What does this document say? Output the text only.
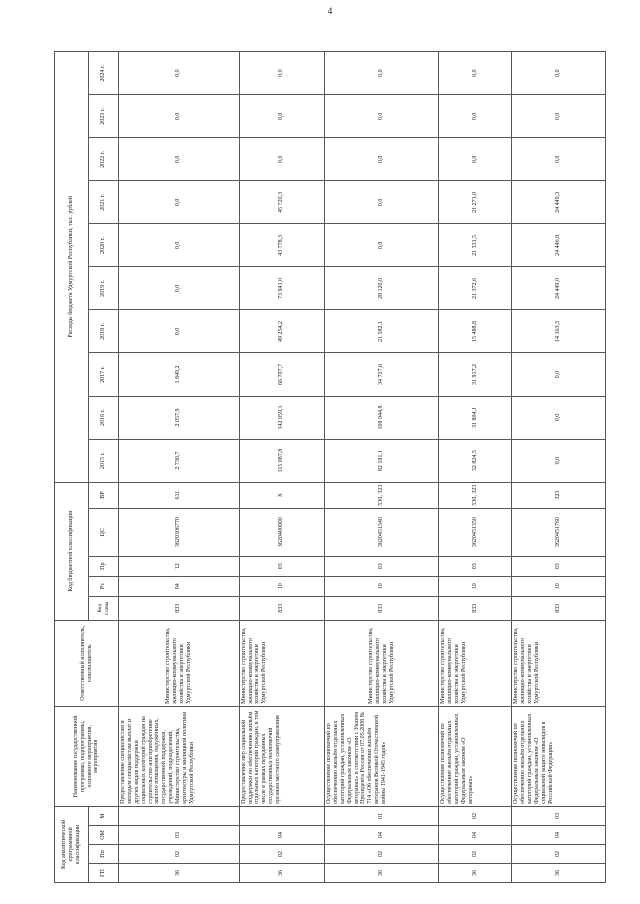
4
Код аналитической программной классификации				Наименование государственной программы, подпрограммы, основного мероприятия, мероприятия	Ответственный исполнитель, соисполнитель	Код бюджетной классификации					Расходы бюджета Удмуртской Республики, тыс. рублей									
ГП	Пп	ОМ	М			Код главы	Рз	Пр	ЦС	ВР	2015 г.	2016 г.	2017 г.	2018 г.	2019 г.	2020 г.	2021 г.	2022 г.	2023 г.	2024 г.
36	02	03		Предоставление специалистам и молодым специалистам выплат и других видов поддержки социальных категорий граждан на строительство или приобретение жилого помещения, окружённых, государственной поддержки, учреждений, подразделений, Министерство строительства, архитектуры и жилищной политики Удмуртской Республики	Министерство строительства, жилищно-коммунального хозяйства и энергетики Удмуртской Республики	833	04	12	3620306770	611	2 730,7	2 057,9	1 849,2	0,0	0,0	0,0	0,0	0,0	0,0	0,0
36	02	04		Предоставление мер социальной поддержки по обеспечению жильём отдельных категорий граждан, в том числе в рамках переданных государственных полномочий органам местного самоуправления	Министерство строительства, жилищно-коммунального хозяйства и энергетики Удмуртской Республики	833	10	03	3620400000	Х	115 087,8	142 059,1	66 707,7	49 254,2	73 941,0	43 778,3	45 720,3	0,0	0,0	0,0
36	02	04	01	Осуществление полномочий по обеспечению жильём отдельных категорий граждан, установленных Федеральным законом «О ветеранах» в соответствии с Указом Президента России от 07.05.2008 № 714 «Об обеспечении жильём ветеранов Великой Отечественной войны 1941-1945 годов»	Министерство строительства, жилищно-коммунального хозяйства и энергетики Удмуртской Республики	833	10	03	3620451340	530, 323	82 181,1	108 944,8	34 727,6	21 582,1	28 120,0	0,0	0,0	0,0	0,0	0,0
36	02	04	02	Осуществление полномочий по обеспечению жильём отдельных категорий граждан, установленных Федеральным законом «О ветеранах»	Министерство строительства, жилищно-коммунального хозяйства и энергетики Удмуртской Республики	833	10	03	3620451350	530, 323	32 824,5	31 804,1	31 917,2	15 488,8	21 372,6	21 331,5	21 271,0	0,0	0,0	0,0
36	02	04	03	Осуществление полномочий по обеспечению жильём отдельных категорий граждан, установленных Федеральным законом «О социальной защите инвалидов в Российской Федерации»	Министерство строительства, жилищно-коммунального хозяйства и энергетики Удмуртской Республики	833	10	03	3620451760	323	0,0	0,0	0,0	14 163,3	24 449,0	24 446,8	24 449,3	0,0	0,0	0,0
